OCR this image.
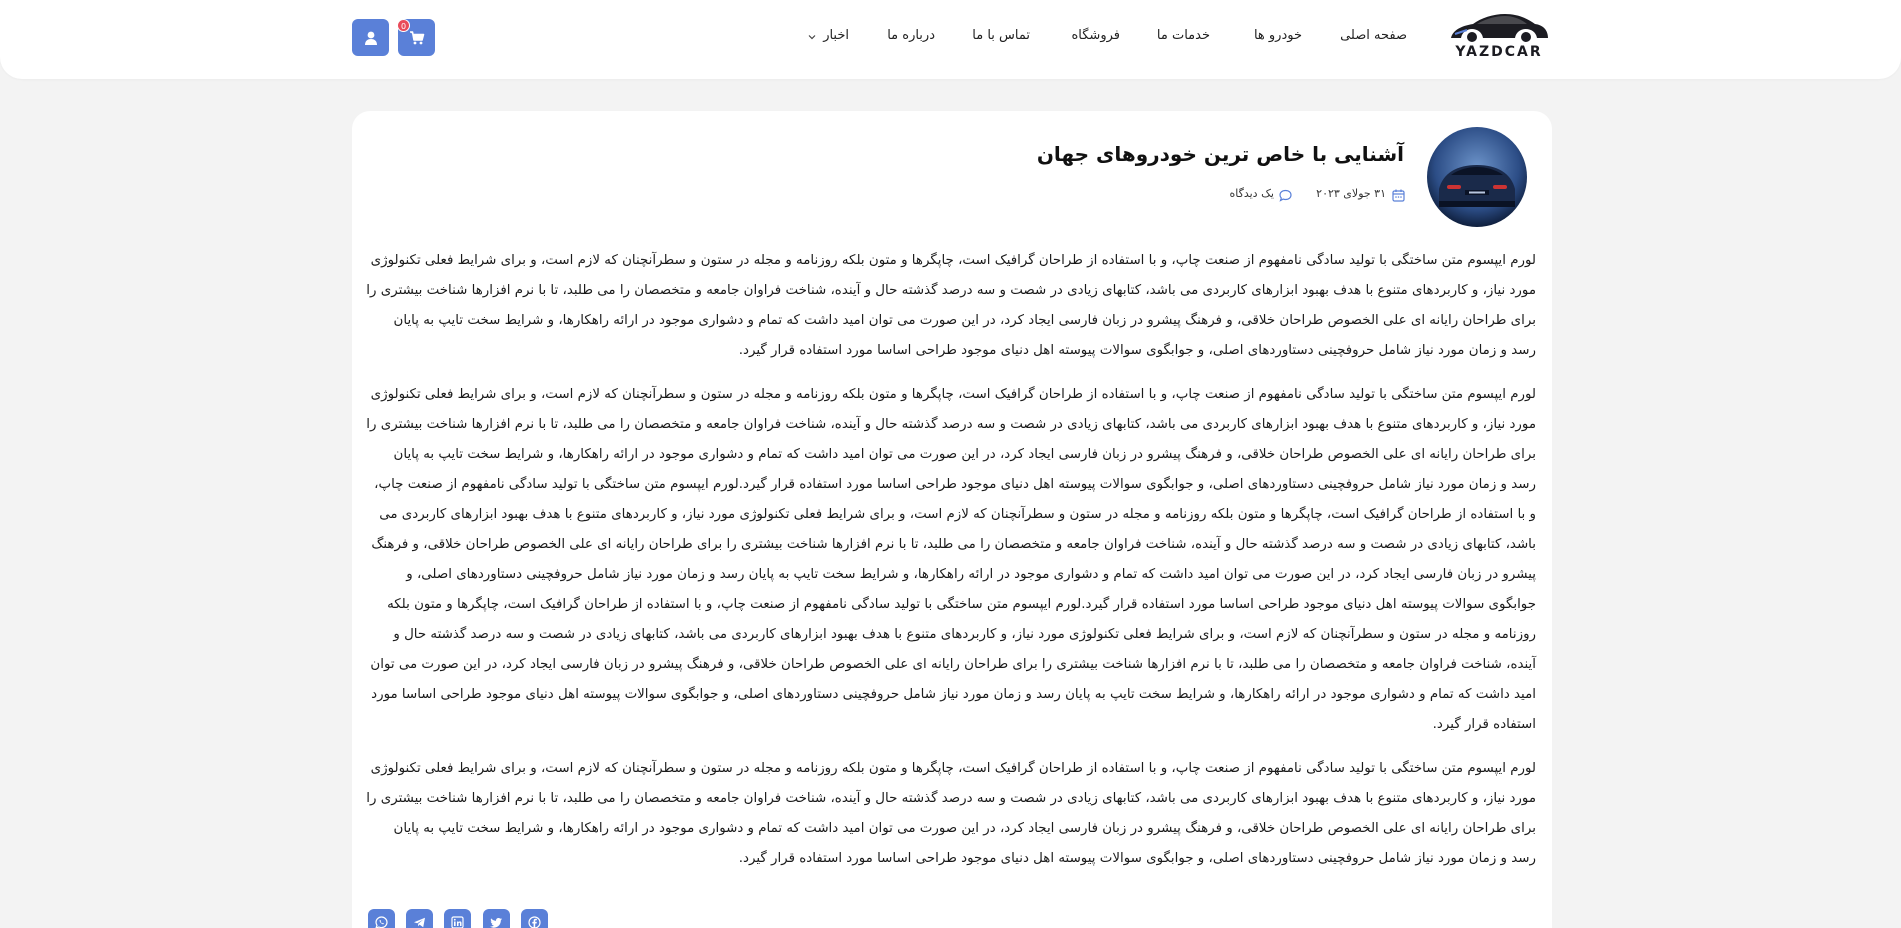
YAZDCAR
صفحه اصلی
خودرو ها
خدمات ما
فروشگاه
تماس با ما
درباره ما
اخبار
0
آشنایی با خاص ترین خودروهای جهان
۳۱ جولای ۲۰۲۳
یک دیدگاه

لورم ایپسوم متن ساختگی با تولید سادگی نامفهوم از صنعت چاپ، و با استفاده از طراحان گرافیک است، چاپگرها و متون بلکه روزنامه و مجله در ستون و سطرآنچنان که لازم است، و برای شرایط فعلی تکنولوژی مورد نیاز، و کاربردهای متنوع با هدف بهبود ابزارهای کاربردی می باشد، کتابهای زیادی در شصت و سه درصد گذشته حال و آینده، شناخت فراوان جامعه و متخصصان را می طلبد، تا با نرم افزارها شناخت بیشتری را برای طراحان رایانه ای علی الخصوص طراحان خلاقی، و فرهنگ پیشرو در زبان فارسی ایجاد کرد، در این صورت می توان امید داشت که تمام و دشواری موجود در ارائه راهکارها، و شرایط سخت تایپ به پایان رسد و زمان مورد نیاز شامل حروفچینی دستاوردهای اصلی، و جوابگوی سوالات پیوسته اهل دنیای موجود طراحی اساسا مورد استفاده قرار گیرد.

لورم ایپسوم متن ساختگی با تولید سادگی نامفهوم از صنعت چاپ، و با استفاده از طراحان گرافیک است، چاپگرها و متون بلکه روزنامه و مجله در ستون و سطرآنچنان که لازم است، و برای شرایط فعلی تکنولوژی مورد نیاز، و کاربردهای متنوع با هدف بهبود ابزارهای کاربردی می باشد، کتابهای زیادی در شصت و سه درصد گذشته حال و آینده، شناخت فراوان جامعه و متخصصان را می طلبد، تا با نرم افزارها شناخت بیشتری را برای طراحان رایانه ای علی الخصوص طراحان خلاقی، و فرهنگ پیشرو در زبان فارسی ایجاد کرد، در این صورت می توان امید داشت که تمام و دشواری موجود در ارائه راهکارها، و شرایط سخت تایپ به پایان رسد و زمان مورد نیاز شامل حروفچینی دستاوردهای اصلی، و جوابگوی سوالات پیوسته اهل دنیای موجود طراحی اساسا مورد استفاده قرار گیرد.لورم ایپسوم متن ساختگی با تولید سادگی نامفهوم از صنعت چاپ، و با استفاده از طراحان گرافیک است، چاپگرها و متون بلکه روزنامه و مجله در ستون و سطرآنچنان که لازم است، و برای شرایط فعلی تکنولوژی مورد نیاز، و کاربردهای متنوع با هدف بهبود ابزارهای کاربردی می باشد، کتابهای زیادی در شصت و سه درصد گذشته حال و آینده، شناخت فراوان جامعه و متخصصان را می طلبد، تا با نرم افزارها شناخت بیشتری را برای طراحان رایانه ای علی الخصوص طراحان خلاقی، و فرهنگ پیشرو در زبان فارسی ایجاد کرد، در این صورت می توان امید داشت که تمام و دشواری موجود در ارائه راهکارها، و شرایط سخت تایپ به پایان رسد و زمان مورد نیاز شامل حروفچینی دستاوردهای اصلی، و جوابگوی سوالات پیوسته اهل دنیای موجود طراحی اساسا مورد استفاده قرار گیرد.لورم ایپسوم متن ساختگی با تولید سادگی نامفهوم از صنعت چاپ، و با استفاده از طراحان گرافیک است، چاپگرها و متون بلکه روزنامه و مجله در ستون و سطرآنچنان که لازم است، و برای شرایط فعلی تکنولوژی مورد نیاز، و کاربردهای متنوع با هدف بهبود ابزارهای کاربردی می باشد، کتابهای زیادی در شصت و سه درصد گذشته حال و آینده، شناخت فراوان جامعه و متخصصان را می طلبد، تا با نرم افزارها شناخت بیشتری را برای طراحان رایانه ای علی الخصوص طراحان خلاقی، و فرهنگ پیشرو در زبان فارسی ایجاد کرد، در این صورت می توان امید داشت که تمام و دشواری موجود در ارائه راهکارها، و شرایط سخت تایپ به پایان رسد و زمان مورد نیاز شامل حروفچینی دستاوردهای اصلی، و جوابگوی سوالات پیوسته اهل دنیای موجود طراحی اساسا مورد استفاده قرار گیرد.

لورم ایپسوم متن ساختگی با تولید سادگی نامفهوم از صنعت چاپ، و با استفاده از طراحان گرافیک است، چاپگرها و متون بلکه روزنامه و مجله در ستون و سطرآنچنان که لازم است، و برای شرایط فعلی تکنولوژی مورد نیاز، و کاربردهای متنوع با هدف بهبود ابزارهای کاربردی می باشد، کتابهای زیادی در شصت و سه درصد گذشته حال و آینده، شناخت فراوان جامعه و متخصصان را می طلبد، تا با نرم افزارها شناخت بیشتری را برای طراحان رایانه ای علی الخصوص طراحان خلاقی، و فرهنگ پیشرو در زبان فارسی ایجاد کرد، در این صورت می توان امید داشت که تمام و دشواری موجود در ارائه راهکارها، و شرایط سخت تایپ به پایان رسد و زمان مورد نیاز شامل حروفچینی دستاوردهای اصلی، و جوابگوی سوالات پیوسته اهل دنیای موجود طراحی اساسا مورد استفاده قرار گیرد.
